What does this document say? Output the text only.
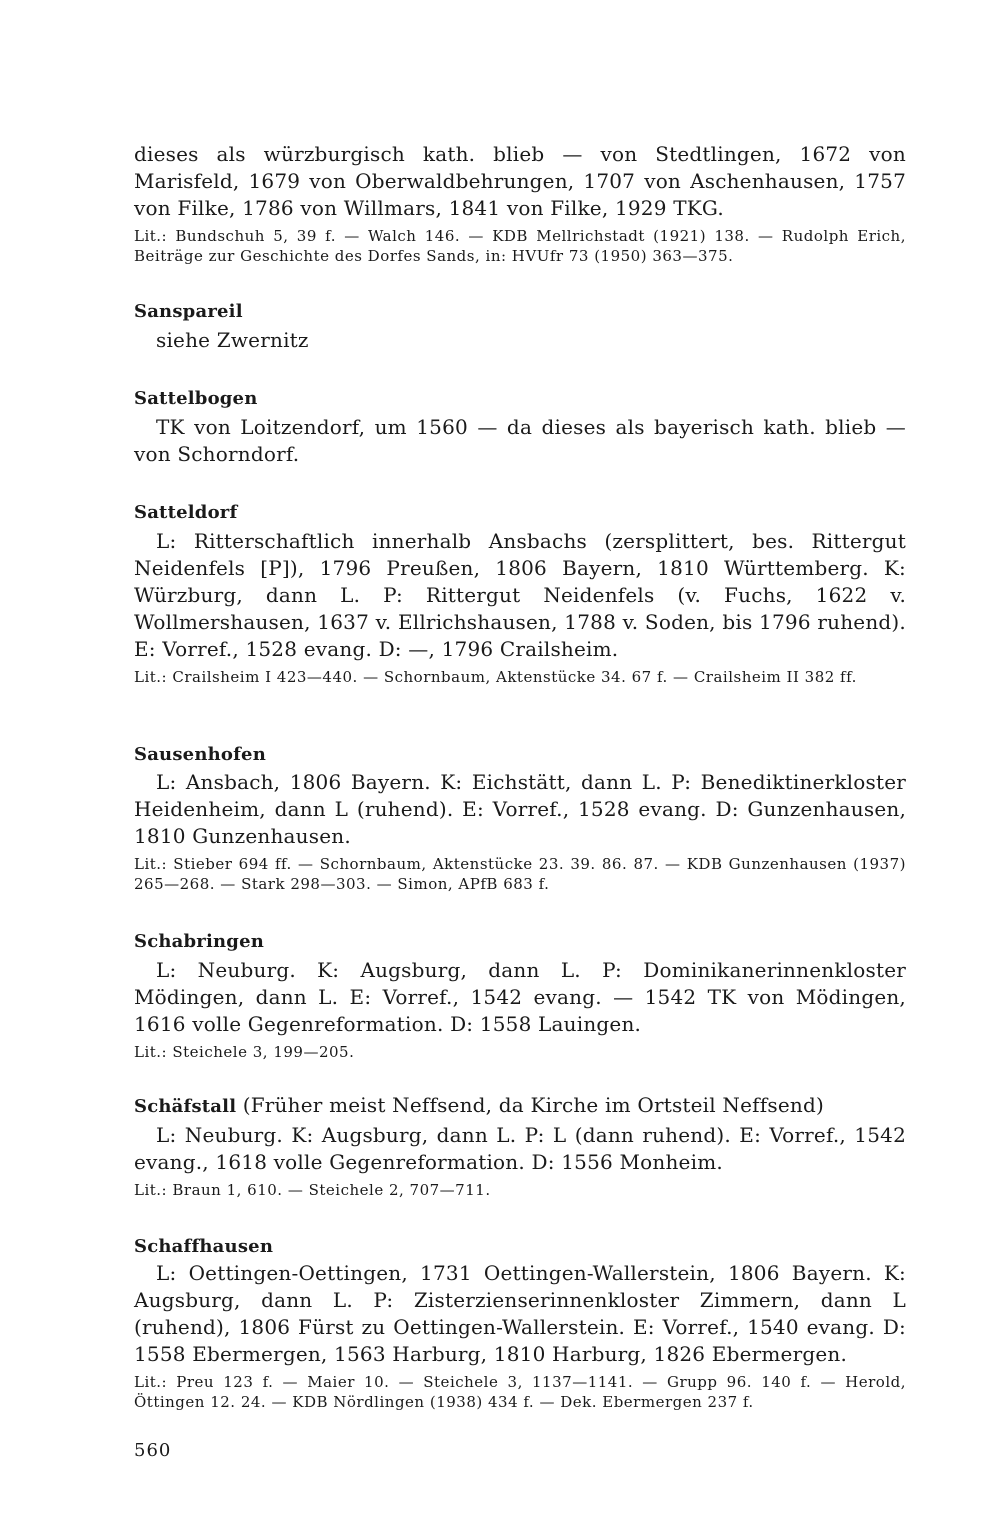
dieses als würzburgisch kath. blieb — von Stedtlingen, 1672 von Marisfeld, 1679 von Oberwaldbehrungen, 1707 von Aschenhausen, 1757 von Filke, 1786 von Willmars, 1841 von Filke, 1929 TKG.
Lit.: Bundschuh 5, 39 f. — Walch 146. — KDB Mellrichstadt (1921) 138. — Rudolph Erich, Beiträge zur Geschichte des Dorfes Sands, in: HVUfr 73 (1950) 363—375.
Sanspareil
siehe Zwernitz
Sattelbogen
TK von Loitzendorf, um 1560 — da dieses als bayerisch kath. blieb — von Schorndorf.
Satteldorf
L: Ritterschaftlich innerhalb Ansbachs (zersplittert, bes. Rittergut Neidenfels [P]), 1796 Preußen, 1806 Bayern, 1810 Württemberg. K: Würzburg, dann L. P: Rittergut Neidenfels (v. Fuchs, 1622 v. Wollmershausen, 1637 v. Ellrichshausen, 1788 v. Soden, bis 1796 ruhend). E: Vorref., 1528 evang. D: —, 1796 Crailsheim.
Lit.: Crailsheim I 423—440. — Schornbaum, Aktenstücke 34. 67 f. — Crailsheim II 382 ff.
Sausenhofen
L: Ansbach, 1806 Bayern. K: Eichstätt, dann L. P: Benediktinerkloster Heidenheim, dann L (ruhend). E: Vorref., 1528 evang. D: Gunzenhausen, 1810 Gunzenhausen.
Lit.: Stieber 694 ff. — Schornbaum, Aktenstücke 23. 39. 86. 87. — KDB Gunzenhausen (1937) 265—268. — Stark 298—303. — Simon, APfB 683 f.
Schabringen
L: Neuburg. K: Augsburg, dann L. P: Dominikanerinnenkloster Mödingen, dann L. E: Vorref., 1542 evang. — 1542 TK von Mödingen, 1616 volle Gegenreformation. D: 1558 Lauingen.
Lit.: Steichele 3, 199—205.
Schäfstall (Früher meist Neffsend, da Kirche im Ortsteil Neffsend)
L: Neuburg. K: Augsburg, dann L. P: L (dann ruhend). E: Vorref., 1542 evang., 1618 volle Gegenreformation. D: 1556 Monheim.
Lit.: Braun 1, 610. — Steichele 2, 707—711.
Schaffhausen
L: Oettingen-Oettingen, 1731 Oettingen-Wallerstein, 1806 Bayern. K: Augsburg, dann L. P: Zisterzienserinnenkloster Zimmern, dann L (ruhend), 1806 Fürst zu Oettingen-Wallerstein. E: Vorref., 1540 evang. D: 1558 Ebermergen, 1563 Harburg, 1810 Harburg, 1826 Ebermergen.
Lit.: Preu 123 f. — Maier 10. — Steichele 3, 1137—1141. — Grupp 96. 140 f. — Herold, Öttingen 12. 24. — KDB Nördlingen (1938) 434 f. — Dek. Ebermergen 237 f.
560
